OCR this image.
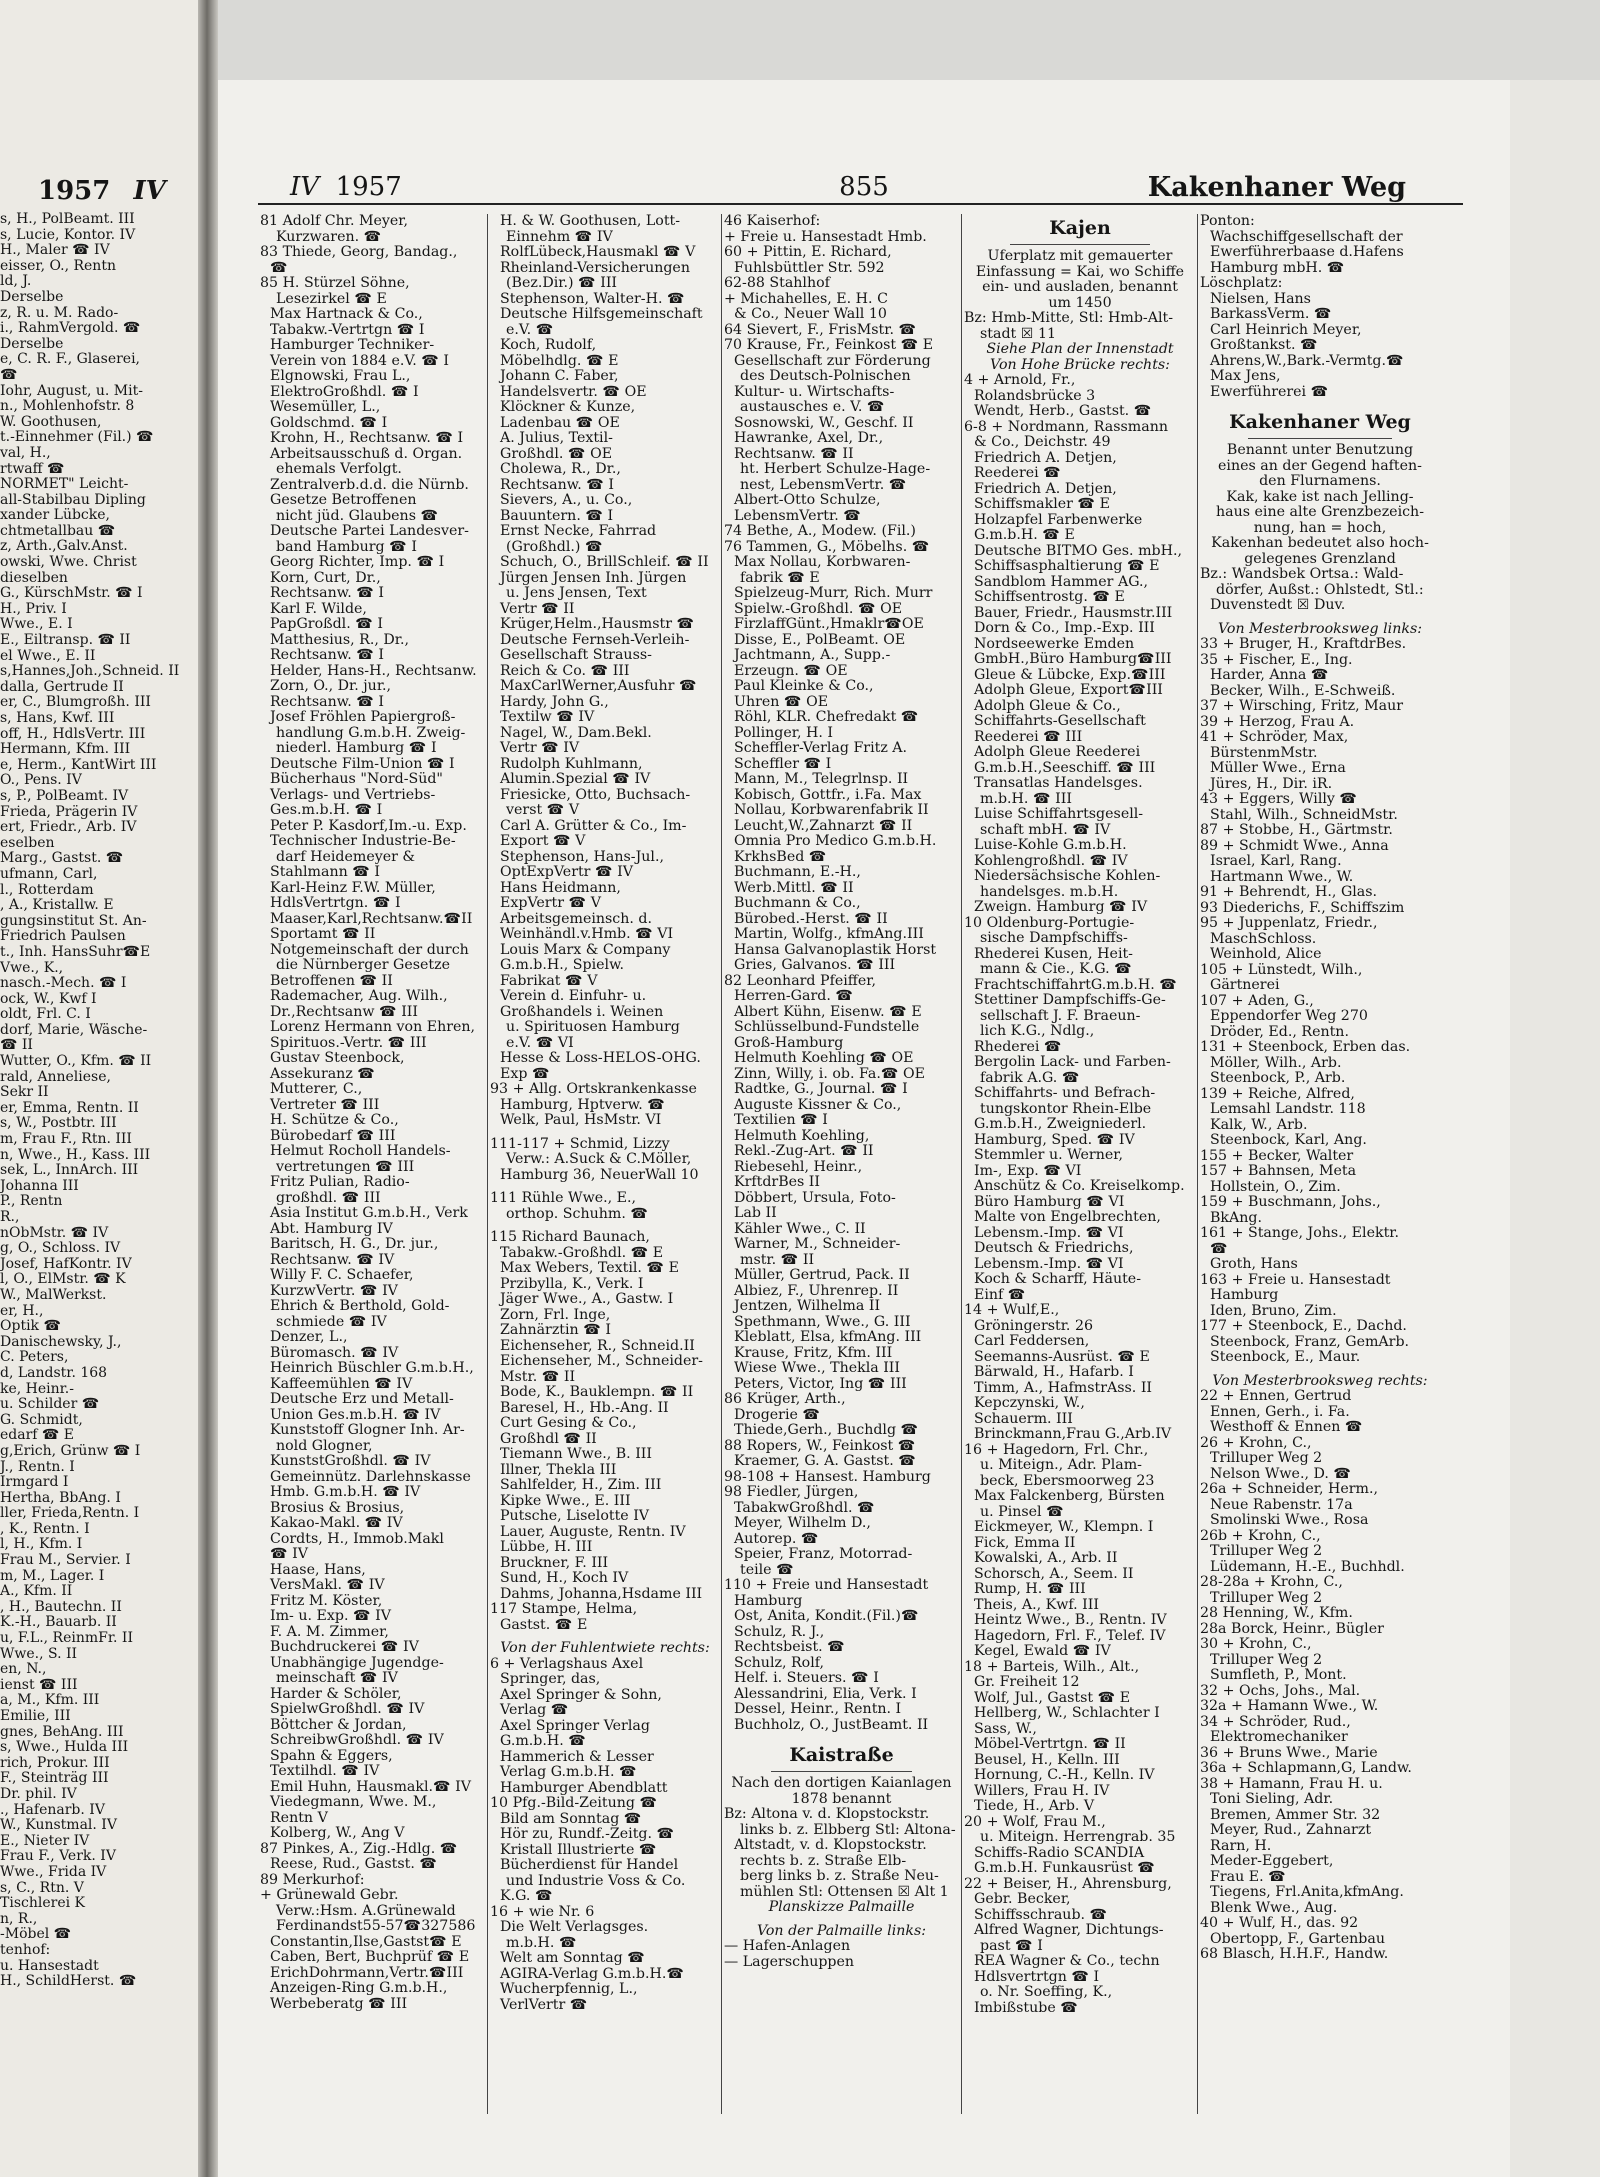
1957 IV
s, H., PolBeamt. III
s, Lucie, Kontor. IV
H., Maler ☎ IV
eisser, O., Rentn
ld, J.
Derselbe
z, R. u. M. Rado-
i., RahmVergold. ☎
Derselbe
e, C. R. F., Glaserei,
☎
Iohr, August, u. Mit-
n., Mohlenhofstr. 8
W. Goothusen,
t.-Einnehmer (Fil.) ☎
val, H.,
rtwaff ☎
NORMET" Leicht-
all-Stabilbau Dipling
xander Lübcke,
chtmetallbau ☎
z, Arth.,Galv.Anst.
owski, Wwe. Christ
dieselben
G., KürschMstr. ☎ I
H., Priv. I
Wwe., E. I
E., Eiltransp. ☎ II
el Wwe., E. II
s,Hannes,Joh.,Schneid. II
dalla, Gertrude II
er, C., Blumgroßh. III
s, Hans, Kwf. III
off, H., HdlsVertr. III
Hermann, Kfm. III
e, Herm., KantWirt III
O., Pens. IV
s, P., PolBeamt. IV
Frieda, Prägerin IV
ert, Friedr., Arb. IV
eselben
Marg., Gastst. ☎
ufmann, Carl,
l., Rotterdam
, A., Kristallw. E
gungsinstitut St. An-
Friedrich Paulsen
t., Inh. HansSuhr☎E
Vwe., K.,
nasch.-Mech. ☎ I
ock, W., Kwf I
oldt, Frl. C. I
dorf, Marie, Wäsche-
☎ II
Wutter, O., Kfm. ☎ II
rald, Anneliese,
Sekr II
er, Emma, Rentn. II
s, W., Postbtr. III
m, Frau F., Rtn. III
n, Wwe., H., Kass. III
sek, L., InnArch. III
Johanna III
P., Rentn
R.,
nObMstr. ☎ IV
g, O., Schloss. IV
Josef, HafKontr. IV
l, O., ElMstr. ☎ K
W., MalWerkst.
er, H.,
Optik ☎
Danischewsky, J.,
C. Peters,
d, Landstr. 168
ke, Heinr.-
u. Schilder ☎
G. Schmidt,
edarf ☎ E
g,Erich, Grünw ☎ I
J., Rentn. I
Irmgard I
Hertha, BbAng. I
ller, Frieda,Rentn. I
, K., Rentn. I
l, H., Kfm. I
Frau M., Servier. I
m, M., Lager. I
A., Kfm. II
, H., Bautechn. II
K.-H., Bauarb. II
u, F.L., ReinmFr. II
Wwe., S. II
en, N.,
ienst ☎ III
a, M., Kfm. III
Emilie, III
gnes, BehAng. III
s, Wwe., Hulda III
rich, Prokur. III
F., Steinträg III
Dr. phil. IV
., Hafenarb. IV
W., Kunstmal. IV
E., Nieter IV
Frau F., Verk. IV
Wwe., Frida IV
s, C., Rtn. V
Tischlerei K
n, R.,
-Möbel ☎
tenhof:
u. Hansestadt
H., SchildHerst. ☎
IV 1957	855	Kakenhaner Weg
81 Adolf Chr. Meyer,
Kurzwaren. ☎
83 Thiede, Georg, Bandag.,
☎
85 H. Stürzel Söhne,
Lesezirkel ☎ E
Max Hartnack & Co.,
Tabakw.-Vertrtgn ☎ I
Hamburger Techniker-
Verein von 1884 e.V. ☎ I
Elgnowski, Frau L.,
ElektroGroßhdl. ☎ I
Wesemüller, L.,
Goldschmd. ☎ I
Krohn, H., Rechtsanw. ☎ I
Arbeitsausschuß d. Organ.
ehemals Verfolgt.
Zentralverb.d.d. die Nürnb.
Gesetze Betroffenen
nicht jüd. Glaubens ☎
Deutsche Partei Landesver-
band Hamburg ☎ I
Georg Richter, Imp. ☎ I
Korn, Curt, Dr.,
Rechtsanw. ☎ I
Karl F. Wilde,
PapGroßdl. ☎ I
Matthesius, R., Dr.,
Rechtsanw. ☎ I
Helder, Hans-H., Rechtsanw.
Zorn, O., Dr. jur.,
Rechtsanw. ☎ I
Josef Fröhlen Papiergroß-
handlung G.m.b.H. Zweig-
niederl. Hamburg ☎ I
Deutsche Film-Union ☎ I
Bücherhaus "Nord-Süd"
Verlags- und Vertriebs-
Ges.m.b.H. ☎ I
Peter P. Kasdorf,Im.-u. Exp.
Technischer Industrie-Be-
darf Heidemeyer &
Stahlmann ☎ I
Karl-Heinz F.W. Müller,
HdlsVertrtgn. ☎ I
Maaser,Karl,Rechtsanw.☎II
Sportamt ☎ II
Notgemeinschaft der durch
die Nürnberger Gesetze
Betroffenen ☎ II
Rademacher, Aug. Wilh.,
Dr.,Rechtsanw ☎ III
Lorenz Hermann von Ehren,
Spirituos.-Vertr. ☎ III
Gustav Steenbock,
Assekuranz ☎
Mutterer, C.,
Vertreter ☎ III
H. Schütze & Co.,
Bürobedarf ☎ III
Helmut Rocholl Handels-
vertretungen ☎ III
Fritz Pulian, Radio-
großhdl. ☎ III
Asia Institut G.m.b.H., Verk
Abt. Hamburg IV
Baritsch, H. G., Dr. jur.,
Rechtsanw. ☎ IV
Willy F. C. Schaefer,
KurzwVertr. ☎ IV
Ehrich & Berthold, Gold-
schmiede ☎ IV
Denzer, L.,
Büromasch. ☎ IV
Heinrich Büschler G.m.b.H.,
Kaffeemühlen ☎ IV
Deutsche Erz und Metall-
Union Ges.m.b.H. ☎ IV
Kunststoff Glogner Inh. Ar-
nold Glogner,
KunststGroßhdl. ☎ IV
Gemeinnütz. Darlehnskasse
Hmb. G.m.b.H. ☎ IV
Brosius & Brosius,
Kakao-Makl. ☎ IV
Cordts, H., Immob.Makl
☎ IV
Haase, Hans,
VersMakl. ☎ IV
Fritz M. Köster,
Im- u. Exp. ☎ IV
F. A. M. Zimmer,
Buchdruckerei ☎ IV
Unabhängige Jugendge-
meinschaft ☎ IV
Harder & Schöler,
SpielwGroßhdl. ☎ IV
Böttcher & Jordan,
SchreibwGroßhdl. ☎ IV
Spahn & Eggers,
Textilhdl. ☎ IV
Emil Huhn, Hausmakl.☎ IV
Viedegmann, Wwe. M.,
Rentn V
Kolberg, W., Ang V
87 Pinkes, A., Zig.-Hdlg. ☎
Reese, Rud., Gastst. ☎
89 Merkurhof:
+ Grünewald Gebr.
Verw.:Hsm. A.Grünewald
Ferdinandst55-57☎327586
Constantin,Ilse,Gastst☎ E
Caben, Bert, Buchprüf ☎ E
ErichDohrmann,Vertr.☎III
Anzeigen-Ring G.m.b.H.,
Werbeberatg ☎ III
H. & W. Goothusen, Lott-
Einnehm ☎ IV
RolfLübeck,Hausmakl ☎ V
Rheinland-Versicherungen
(Bez.Dir.) ☎ III
Stephenson, Walter-H. ☎
Deutsche Hilfsgemeinschaft
e.V. ☎
Koch, Rudolf,
Möbelhdlg. ☎ E
Johann C. Faber,
Handelsvertr. ☎ OE
Klöckner & Kunze,
Ladenbau ☎ OE
A. Julius, Textil-
Großhdl. ☎ OE
Cholewa, R., Dr.,
Rechtsanw. ☎ I
Sievers, A., u. Co.,
Bauuntern. ☎ I
Ernst Necke, Fahrrad
(Großhdl.) ☎
Schuch, O., BrillSchleif. ☎ II
Jürgen Jensen Inh. Jürgen
u. Jens Jensen, Text
Vertr ☎ II
Krüger,Helm.,Hausmstr ☎
Deutsche Fernseh-Verleih-
Gesellschaft Strauss-
Reich & Co. ☎ III
MaxCarlWerner,Ausfuhr ☎
Hardy, John G.,
Textilw ☎ IV
Nagel, W., Dam.Bekl.
Vertr ☎ IV
Rudolph Kuhlmann,
Alumin.Spezial ☎ IV
Friesicke, Otto, Buchsach-
verst ☎ V
Carl A. Grütter & Co., Im-
Export ☎ V
Stephenson, Hans-Jul.,
OptExpVertr ☎ IV
Hans Heidmann,
ExpVertr ☎ V
Arbeitsgemeinsch. d.
Weinhändl.v.Hmb. ☎ VI
Louis Marx & Company
G.m.b.H., Spielw.
Fabrikat ☎ V
Verein d. Einfuhr- u.
Großhandels i. Weinen
u. Spirituosen Hamburg
e.V. ☎ VI
Hesse & Loss-HELOS-OHG.
Exp ☎
93 + Allg. Ortskrankenkasse
Hamburg, Hptverw. ☎
Welk, Paul, HsMstr. VI

111-117 + Schmid, Lizzy
Verw.: A.Suck & C.Möller,
Hamburg 36, NeuerWall 10

111 Rühle Wwe., E.,
orthop. Schuhm. ☎

115 Richard Baunach,
Tabakw.-Großhdl. ☎ E
Max Webers, Textil. ☎ E
Przibylla, K., Verk. I
Jäger Wwe., A., Gastw. I
Zorn, Frl. Inge,
Zahnärztin ☎ I
Eichenseher, R., Schneid.II
Eichenseher, M., Schneider-
Mstr. ☎ II
Bode, K., Bauklempn. ☎ II
Baresel, H., Hb.-Ang. II
Curt Gesing & Co.,
Großhdl ☎ II
Tiemann Wwe., B. III
Illner, Thekla III
Sahlfelder, H., Zim. III
Kipke Wwe., E. III
Putsche, Liselotte IV
Lauer, Auguste, Rentn. IV
Lübbe, H. III
Bruckner, F. III
Sund, H., Koch IV
Dahms, Johanna,Hsdame III
117 Stampe, Helma,
Gastst. ☎ E

Von der Fuhlentwiete rechts:
6 + Verlagshaus Axel
Springer, das,
Axel Springer & Sohn,
Verlag ☎
Axel Springer Verlag
G.m.b.H. ☎
Hammerich & Lesser
Verlag G.m.b.H. ☎
Hamburger Abendblatt
10 Pfg.-Bild-Zeitung ☎
Bild am Sonntag ☎
Hör zu, Rundf.-Zeitg. ☎
Kristall Illustrierte ☎
Bücherdienst für Handel
und Industrie Voss & Co.
K.G. ☎
16 + wie Nr. 6
Die Welt Verlagsges.
m.b.H. ☎
Welt am Sonntag ☎
AGIRA-Verlag G.m.b.H.☎
Wucherpfennig, L.,
VerlVertr ☎
46 Kaiserhof:
+ Freie u. Hansestadt Hmb.
60 + Pittin, E. Richard,
Fuhlsbüttler Str. 592
62-88 Stahlhof
+ Michahelles, E. H. C
& Co., Neuer Wall 10
64 Sievert, F., FrisMstr. ☎
70 Krause, Fr., Feinkost ☎ E
Gesellschaft zur Förderung
des Deutsch-Polnischen
Kultur- u. Wirtschafts-
austausches e. V. ☎
Sosnowski, W., Geschf. II
Hawranke, Axel, Dr.,
Rechtsanw. ☎ II
ht. Herbert Schulze-Hage-
nest, LebensmVertr. ☎
Albert-Otto Schulze,
LebensmVertr. ☎
74 Bethe, A., Modew. (Fil.)
76 Tammen, G., Möbelhs. ☎
Max Nollau, Korbwaren-
fabrik ☎ E
Spielzeug-Murr, Rich. Murr
Spielw.-Großhdl. ☎ OE
FirzlaffGünt.,Hmaklr☎OE
Disse, E., PolBeamt. OE
Jachtmann, A., Supp.-
Erzeugn. ☎ OE
Paul Kleinke & Co.,
Uhren ☎ OE
Röhl, KLR. Chefredakt ☎
Pollinger, H. I
Scheffler-Verlag Fritz A.
Scheffler ☎ I
Mann, M., Telegrlnsp. II
Kobisch, Gottfr., i.Fa. Max
Nollau, Korbwarenfabrik II
Leucht,W.,Zahnarzt ☎ II
Omnia Pro Medico G.m.b.H.
KrkhsBed ☎
Buchmann, E.-H.,
Werb.Mittl. ☎ II
Buchmann & Co.,
Bürobed.-Herst. ☎ II
Martin, Wolfg., kfmAng.III
Hansa Galvanoplastik Horst
Gries, Galvanos. ☎ III
82 Leonhard Pfeiffer,
Herren-Gard. ☎
Albert Kühn, Eisenw. ☎ E
Schlüsselbund-Fundstelle
Groß-Hamburg
Helmuth Koehling ☎ OE
Zinn, Willy, i. ob. Fa.☎ OE
Radtke, G., Journal. ☎ I
Auguste Kissner & Co.,
Textilien ☎ I
Helmuth Koehling,
Rekl.-Zug-Art. ☎ II
Riebesehl, Heinr.,
KrftdrBes II
Döbbert, Ursula, Foto-
Lab II
Kähler Wwe., C. II
Warner, M., Schneider-
mstr. ☎ II
Müller, Gertrud, Pack. II
Albiez, F., Uhrenrep. II
Jentzen, Wilhelma II
Spethmann, Wwe., G. III
Kleblatt, Elsa, kfmAng. III
Krause, Fritz, Kfm. III
Wiese Wwe., Thekla III
Peters, Victor, Ing ☎ III
86 Krüger, Arth.,
Drogerie ☎
Thiede,Gerh., Buchdlg ☎
88 Ropers, W., Feinkost ☎
Kraemer, G. A. Gastst. ☎
98-108 + Hansest. Hamburg
98 Fiedler, Jürgen,
TabakwGroßhdl. ☎
Meyer, Wilhelm D.,
Autorep. ☎
Speier, Franz, Motorrad-
teile ☎
110 + Freie und Hansestadt
Hamburg
Ost, Anita, Kondit.(Fil.)☎
Schulz, R. J.,
Rechtsbeist. ☎
Schulz, Rolf,
Helf. i. Steuers. ☎ I
Alessandrini, Elia, Verk. I
Dessel, Heinr., Rentn. I
Buchholz, O., JustBeamt. II

Kaistraße
Nach den dortigen Kaianlagen
1878 benannt
Bz: Altona v. d. Klopstockstr.
links b. z. Elbberg Stl: Altona-
Altstadt, v. d. Klopstockstr.
rechts b. z. Straße Elb-
berg links b. z. Straße Neu-
mühlen Stl: Ottensen ☒ Alt 1
Planskizze Palmaille

Von der Palmaille links:
— Hafen-Anlagen
— Lagerschuppen
Kajen
Uferplatz mit gemauerter
Einfassung = Kai, wo Schiffe
ein- und ausladen, benannt
um 1450
Bz: Hmb-Mitte, Stl: Hmb-Alt-
stadt ☒ 11
Siehe Plan der Innenstadt
Von Hohe Brücke rechts:
4 + Arnold, Fr.,
Rolandsbrücke 3
Wendt, Herb., Gastst. ☎
6-8 + Nordmann, Rassmann
& Co., Deichstr. 49
Friedrich A. Detjen,
Reederei ☎
Friedrich A. Detjen,
Schiffsmakler ☎ E
Holzapfel Farbenwerke
G.m.b.H. ☎ E
Deutsche BITMO Ges. mbH.,
Schiffsasphaltierung ☎ E
Sandblom Hammer AG.,
Schiffsentrostg. ☎ E
Bauer, Friedr., Hausmstr.III
Dorn & Co., Imp.-Exp. III
Nordseewerke Emden
GmbH.,Büro Hamburg☎III
Gleue & Lübcke, Exp.☎III
Adolph Gleue, Export☎III
Adolph Gleue & Co.,
Schiffahrts-Gesellschaft
Reederei ☎ III
Adolph Gleue Reederei
G.m.b.H.,Seeschiff. ☎ III
Transatlas Handelsges.
m.b.H. ☎ III
Luise Schiffahrtsgesell-
schaft mbH. ☎ IV
Luise-Kohle G.m.b.H.
Kohlengroßhdl. ☎ IV
Niedersächsische Kohlen-
handelsges. m.b.H.
Zweign. Hamburg ☎ IV
10 Oldenburg-Portugie-
sische Dampfschiffs-
Rhederei Kusen, Heit-
mann & Cie., K.G. ☎
FrachtschiffahrtG.m.b.H. ☎
Stettiner Dampfschiffs-Ge-
sellschaft J. F. Braeun-
lich K.G., Ndlg.,
Rhederei ☎
Bergolin Lack- und Farben-
fabrik A.G. ☎
Schiffahrts- und Befrach-
tungskontor Rhein-Elbe
G.m.b.H., Zweigniederl.
Hamburg, Sped. ☎ IV
Stemmler u. Werner,
Im-, Exp. ☎ VI
Anschütz & Co. Kreiselkomp.
Büro Hamburg ☎ VI
Malte von Engelbrechten,
Lebensm.-Imp. ☎ VI
Deutsch & Friedrichs,
Lebensm.-Imp. ☎ VI
Koch & Scharff, Häute-
Einf ☎
14 + Wulf,E.,
Gröningerstr. 26
Carl Feddersen,
Seemanns-Ausrüst. ☎ E
Bärwald, H., Hafarb. I
Timm, A., HafmstrAss. II
Kepczynski, W.,
Schauerm. III
Brinckmann,Frau G.,Arb.IV
16 + Hagedorn, Frl. Chr.,
u. Miteign., Adr. Plam-
beck, Ebersmoorweg 23
Max Falckenberg, Bürsten
u. Pinsel ☎
Eickmeyer, W., Klempn. I
Fick, Emma II
Kowalski, A., Arb. II
Schorsch, A., Seem. II
Rump, H. ☎ III
Theis, A., Kwf. III
Heintz Wwe., B., Rentn. IV
Hagedorn, Frl. F., Telef. IV
Kegel, Ewald ☎ IV
18 + Barteis, Wilh., Alt.,
Gr. Freiheit 12
Wolf, Jul., Gastst ☎ E
Hellberg, W., Schlachter I
Sass, W.,
Möbel-Vertrtgn. ☎ II
Beusel, H., Kelln. III
Hornung, C.-H., Kelln. IV
Willers, Frau H. IV
Tiede, H., Arb. V
20 + Wolf, Frau M.,
u. Miteign. Herrengrab. 35
Schiffs-Radio SCANDIA
G.m.b.H. Funkausrüst ☎
22 + Beiser, H., Ahrensburg,
Gebr. Becker,
Schiffsschraub. ☎
Alfred Wagner, Dichtungs-
past ☎ I
REA Wagner & Co., techn
Hdlsvertrtgn ☎ I
o. Nr. Soeffing, K.,
Imbißstube ☎
Ponton:
Wachschiffgesellschaft der
Ewerführerbaase d.Hafens
Hamburg mbH. ☎
Löschplatz:
Nielsen, Hans
BarkassVerm. ☎
Carl Heinrich Meyer,
Großtankst. ☎
Ahrens,W.,Bark.-Vermtg.☎
Max Jens,
Ewerführerei ☎

Kakenhaner Weg
Benannt unter Benutzung
eines an der Gegend haften-
den Flurnamens.
Kak, kake ist nach Jelling-
haus eine alte Grenzbezeich-
nung, han = hoch,
Kakenhan bedeutet also hoch-
gelegenes Grenzland
Bz.: Wandsbek Ortsa.: Wald-
dörfer, Außst.: Ohlstedt, Stl.:
Duvenstedt ☒ Duv.

Von Mesterbrooksweg links:
33 + Bruger, H., KraftdrBes.
35 + Fischer, E., Ing.
Harder, Anna ☎
Becker, Wilh., E-Schweiß.
37 + Wirsching, Fritz, Maur
39 + Herzog, Frau A.
41 + Schröder, Max,
BürstenmMstr.
Müller Wwe., Erna
Jüres, H., Dir. iR.
43 + Eggers, Willy ☎
Stahl, Wilh., SchneidMstr.
87 + Stobbe, H., Gärtmstr.
89 + Schmidt Wwe., Anna
Israel, Karl, Rang.
Hartmann Wwe., W.
91 + Behrendt, H., Glas.
93 Diederichs, F., Schiffszim
95 + Juppenlatz, Friedr.,
MaschSchloss.
Weinhold, Alice
105 + Lünstedt, Wilh.,
Gärtnerei
107 + Aden, G.,
Eppendorfer Weg 270
Dröder, Ed., Rentn.
131 + Steenbock, Erben das.
Möller, Wilh., Arb.
Steenbock, P., Arb.
139 + Reiche, Alfred,
Lemsahl Landstr. 118
Kalk, W., Arb.
Steenbock, Karl, Ang.
155 + Becker, Walter
157 + Bahnsen, Meta
Hollstein, O., Zim.
159 + Buschmann, Johs.,
BkAng.
161 + Stange, Johs., Elektr.
☎
Groth, Hans
163 + Freie u. Hansestadt
Hamburg
Iden, Bruno, Zim.
177 + Steenbock, E., Dachd.
Steenbock, Franz, GemArb.
Steenbock, E., Maur.

Von Mesterbrooksweg rechts:
22 + Ennen, Gertrud
Ennen, Gerh., i. Fa.
Westhoff & Ennen ☎
26 + Krohn, C.,
Trilluper Weg 2
Nelson Wwe., D. ☎
26a + Schneider, Herm.,
Neue Rabenstr. 17a
Smolinski Wwe., Rosa
26b + Krohn, C.,
Trilluper Weg 2
Lüdemann, H.-E., Buchhdl.
28-28a + Krohn, C.,
Trilluper Weg 2
28 Henning, W., Kfm.
28a Borck, Heinr., Bügler
30 + Krohn, C.,
Trilluper Weg 2
Sumfleth, P., Mont.
32 + Ochs, Johs., Mal.
32a + Hamann Wwe., W.
34 + Schröder, Rud.,
Elektromechaniker
36 + Bruns Wwe., Marie
36a + Schlapmann,G, Landw.
38 + Hamann, Frau H. u.
Toni Sieling, Adr.
Bremen, Ammer Str. 32
Meyer, Rud., Zahnarzt
Rarn, H.
Meder-Eggebert,
Frau E. ☎
Tiegens, Frl.Anita,kfmAng.
Blenk Wwe., Aug.
40 + Wulf, H., das. 92
Obertopp, F., Gartenbau
68 Blasch, H.H.F., Handw.
